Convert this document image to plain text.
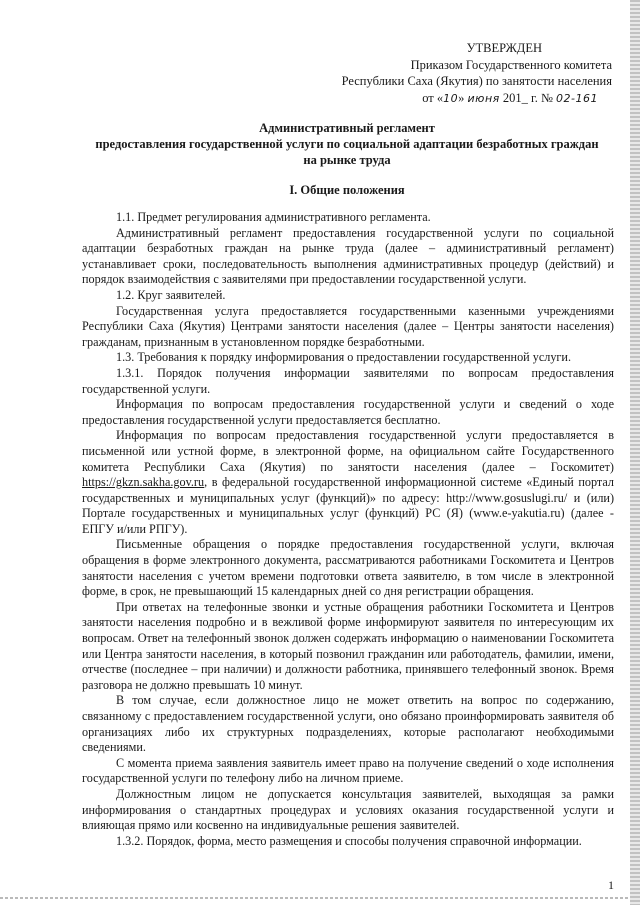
УТВЕРЖДЕН
Приказом Государственного комитета
Республики Саха (Якутия) по занятости населения
от «10» июня 201_ г. № 02-161
Административный регламент
предоставления государственной услуги по социальной адаптации безработных граждан
на рынке труда
I. Общие положения

1.1. Предмет регулирования административного регламента.

Административный регламент предоставления государственной услуги по социальной адаптации безработных граждан на рынке труда (далее – административный регламент) устанавливает сроки, последовательность выполнения административных процедур (действий) и порядок взаимодействия с заявителями при предоставлении государственной услуги.

1.2. Круг заявителей.

Государственная услуга предоставляется государственными казенными учреждениями Республики Саха (Якутия) Центрами занятости населения (далее – Центры занятости населения) гражданам, признанным в установленном порядке безработными.

1.3. Требования к порядку информирования о предоставлении государственной услуги.

1.3.1. Порядок получения информации заявителями по вопросам предоставления государственной услуги.

Информация по вопросам предоставления государственной услуги и сведений о ходе предоставления государственной услуги предоставляется бесплатно.

Информация по вопросам предоставления государственной услуги предоставляется в письменной или устной форме, в электронной форме, на официальном сайте Государственного комитета Республики Саха (Якутия) по занятости населения (далее – Госкомитет) https://gkzn.sakha.gov.ru, в федеральной государственной информационной системе «Единый портал государственных и муниципальных услуг (функций)» по адресу: http://www.gosuslugi.ru/ и (или) Портале государственных и муниципальных услуг (функций) РС (Я) (www.e-yakutia.ru) (далее - ЕПГУ и/или РПГУ).

Письменные обращения о порядке предоставления государственной услуги, включая обращения в форме электронного документа, рассматриваются работниками Госкомитета и Центров занятости населения с учетом времени подготовки ответа заявителю, в том числе в электронной форме, в срок, не превышающий 15 календарных дней со дня регистрации обращения.

При ответах на телефонные звонки и устные обращения работники Госкомитета и Центров занятости населения подробно и в вежливой форме информируют заявителя по интересующим их вопросам. Ответ на телефонный звонок должен содержать информацию о наименовании Госкомитета или Центра занятости населения, в который позвонил гражданин или работодатель, фамилии, имени, отчестве (последнее – при наличии) и должности работника, принявшего телефонный звонок. Время разговора не должно превышать 10 минут.

В том случае, если должностное лицо не может ответить на вопрос по содержанию, связанному с предоставлением государственной услуги, оно обязано проинформировать заявителя об организациях либо их структурных подразделениях, которые располагают необходимыми сведениями.

С момента приема заявления заявитель имеет право на получение сведений о ходе исполнения государственной услуги по телефону либо на личном приеме.

Должностным лицом не допускается консультация заявителей, выходящая за рамки информирования о стандартных процедурах и условиях оказания государственной услуги и влияющая прямо или косвенно на индивидуальные решения заявителей.

1.3.2. Порядок, форма, место размещения и способы получения справочной информации.

1
